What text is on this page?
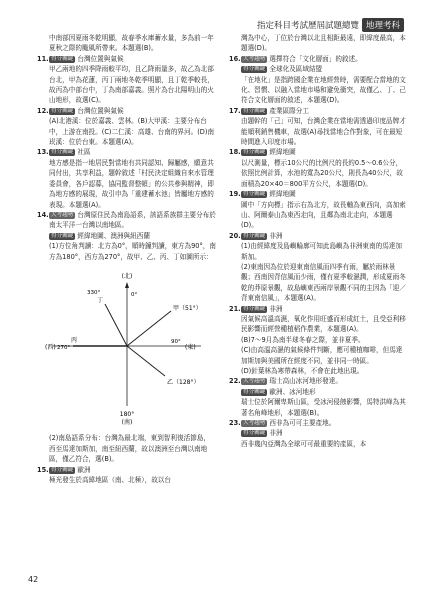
指定科目考試歷屆試題總覽 地理考科

中南部因夏雨冬乾明顯，故春季水庫蓄水量，多為前一年夏秋之際的颱風所帶來。本題選(B)。

11. 得分關鍵 台灣位置與氣候

甲乙兩地的四季降雨較平均，且乙降雨量多，故乙為北部台北，甲為花蓮，丙丁兩地冬乾季明顯，且丁乾季較長，故丙為中部台中，丁為南部嘉義。照片為台北陽明山的火山地形，故選(C)。

12. 得分關鍵 台灣位置與氣候

(A)北港溪：位於嘉義、雲林。(B)大甲溪：主要分布台中，上游在南投。(C)二仁溪：高雄、台南的界河。(D)南崁溪：位於台東。本題選(A)。

13. 得分關鍵 社區

地方感是指一地居民對當地有共同認知、歸屬感，願意共同付出，共享利益，題幹敘述「村民決定組織自來水管理委員會，各戶認募，協同監督整頓」的公共參與精神，即為地方感的展現，故引申為「重建蓄水池」皆屬地方感的表現。本題選(A)。

14. 大考趨勢 台灣原住民為南島語系，該語系族群主要分布於南太平洋一台灣以南地區。

得分關鍵 經緯地圖、澳洲與紐西蘭

(1)方位角判讀：北方為0°，順時鐘判讀，東方為90°，南方為180°，西方為270°，故甲、乙、丙、丁如圖所示：

(北)
0°
180°
(南)
90°
(東)
(西) 270°
甲（51°）
乙（128°）
丙
丁
330°

(2)南島語系分布：台灣為最北端，東到智利復活節島，西至馬達加斯加，南至紐西蘭，故以澳洲至台灣以南地區，僅乙符合，選(B)。

15. 得分關鍵 歐洲

極光發生於高緯地區（南、北極），故以台

灣為中心，丁位於台灣以北且相距最遠，即緯度最高，本題選(D)。

16. 大考趨勢 選擇符合「文化層面」的敘述。

得分關鍵 全球化及區域結盟

「在地化」是指跨國企業在地經營時，需要配合當地的文化、習慣、以融入當地市場和避免衝突，故僅乙、丁、己符合文化層面的敘述，本題選(D)。

17. 得分關鍵 產業區際分工

由題幹的「己」可知，台灣企業在當地需透過印度品牌才能順利銷售機車，故選(A)尋找當地合作對象，可在最短時間進入印度市場。

18. 得分關鍵 經緯地圖

以尺測量，標示10公尺的比例尺的長約0.5～0.6公分，依照比例計算，水池的寬為20公尺，則長為40公尺，故面積為20×40＝800平方公尺，本題選(D)。

19. 得分關鍵 經緯地圖

圖中「方向標」指示右為北方，故長軸為東西向，高加索山、阿爾泰山為東西走向，且鄰為南北走向，本題選(D)。

20. 得分關鍵 非洲

(1)由經緯度及島嶼輪廓可知此島嶼為非洲東南的馬達加斯加。

(2)東南因為位於迎東南信風而四季有雨，屬於雨林景觀；西南因背信風而少雨，僅有夏季較濕潤，形成夏雨冬乾的莽原景觀，故島嶼東西兩岸景觀不同的主因為「迎／背東南信風」，本題選(A)。

21. 得分關鍵 非洲

因氣候高溫高濕，氧化作用旺盛而形成紅土，且受亞利移民影響而經營種植稻作農業，本題選(A)。

(B)7～9月為南半球冬春之際，並非夏季。

(C)由高溫高濕的氣候條件判斷，應可種植咖啡，但馬達加斯加與美國所在經度不同，並非同一時區。

(D)針葉林為寒帶森林，不會在此地出現。

22. 大考趨勢 瑞士高山冰河地形發達。

得分關鍵 歐洲、冰河地形

瑞士位於阿爾卑斯山區，受冰河侵蝕影響，馬特洪峰為其著名角峰地形，本題選(B)。

23. 大考趨勢 西非為可可主要產地。

得分關鍵 非洲

西非幾內亞灣為全球可可最重要的產區，本

42
